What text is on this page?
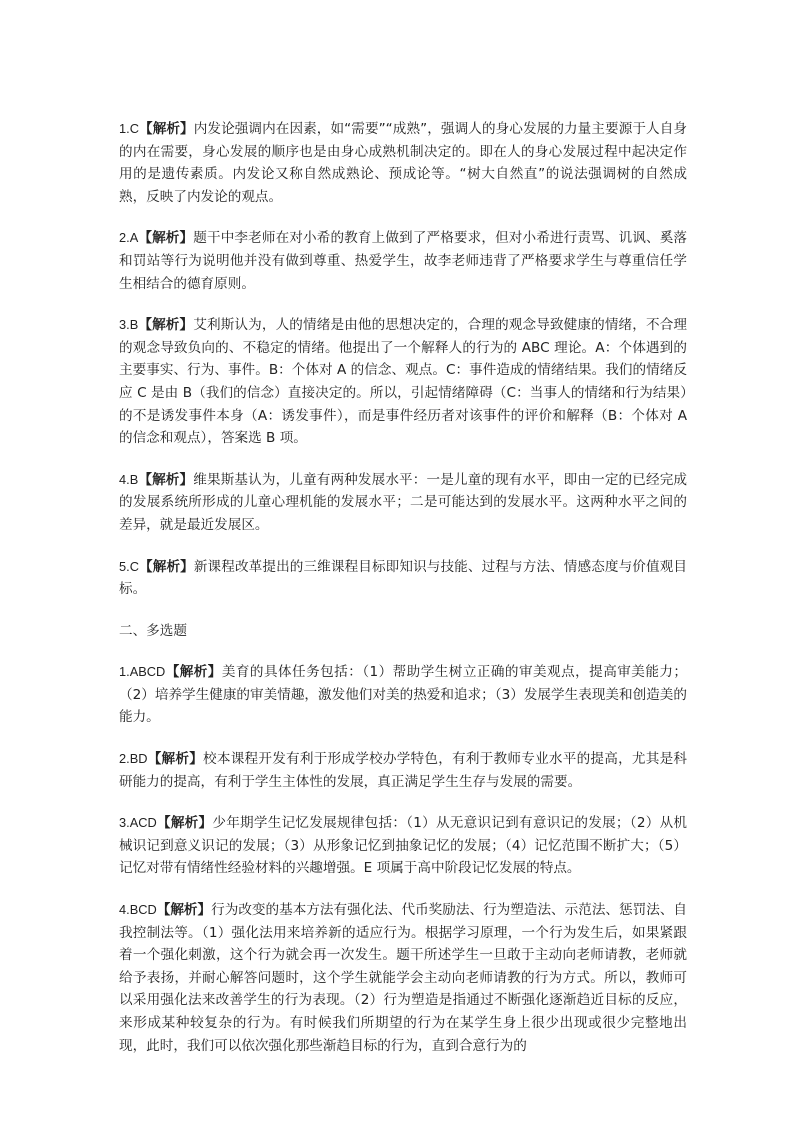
1.C【解析】内发论强调内在因素，如“需要”“成熟”，强调人的身心发展的力量主要源于人自身的内在需要，身心发展的顺序也是由身心成熟机制决定的。即在人的身心发展过程中起决定作用的是遗传素质。内发论又称自然成熟论、预成论等。“树大自然直”的说法强调树的自然成熟，反映了内发论的观点。

2.A【解析】题干中李老师在对小希的教育上做到了严格要求，但对小希进行责骂、讥讽、奚落和罚站等行为说明他并没有做到尊重、热爱学生，故李老师违背了严格要求学生与尊重信任学生相结合的德育原则。

3.B【解析】艾利斯认为，人的情绪是由他的思想决定的，合理的观念导致健康的情绪，不合理的观念导致负向的、不稳定的情绪。他提出了一个解释人的行为的 ABC 理论。A：个体遇到的主要事实、行为、事件。B：个体对 A 的信念、观点。C：事件造成的情绪结果。我们的情绪反应 C 是由 B（我们的信念）直接决定的。所以，引起情绪障碍（C：当事人的情绪和行为结果）的不是诱发事件本身（A：诱发事件），而是事件经历者对该事件的评价和解释（B：个体对 A 的信念和观点），答案选 B 项。

4.B【解析】维果斯基认为，儿童有两种发展水平：一是儿童的现有水平，即由一定的已经完成的发展系统所形成的儿童心理机能的发展水平；二是可能达到的发展水平。这两种水平之间的差异，就是最近发展区。

5.C【解析】新课程改革提出的三维课程目标即知识与技能、过程与方法、情感态度与价值观目标。

二、多选题

1.ABCD【解析】美育的具体任务包括：（1）帮助学生树立正确的审美观点，提高审美能力；（2）培养学生健康的审美情趣，激发他们对美的热爱和追求；（3）发展学生表现美和创造美的能力。

2.BD【解析】校本课程开发有利于形成学校办学特色，有利于教师专业水平的提高，尤其是科研能力的提高，有利于学生主体性的发展，真正满足学生生存与发展的需要。

3.ACD【解析】少年期学生记忆发展规律包括：（1）从无意识记到有意识记的发展；（2）从机械识记到意义识记的发展；（3）从形象记忆到抽象记忆的发展；（4）记忆范围不断扩大；（5）记忆对带有情绪性经验材料的兴趣增强。E 项属于高中阶段记忆发展的特点。

4.BCD【解析】行为改变的基本方法有强化法、代币奖励法、行为塑造法、示范法、惩罚法、自我控制法等。（1）强化法用来培养新的适应行为。根据学习原理，一个行为发生后，如果紧跟着一个强化刺激，这个行为就会再一次发生。题干所述学生一旦敢于主动向老师请教，老师就给予表扬，并耐心解答问题时，这个学生就能学会主动向老师请教的行为方式。所以，教师可以采用强化法来改善学生的行为表现。（2）行为塑造是指通过不断强化逐渐趋近目标的反应，来形成某种较复杂的行为。有时候我们所期望的行为在某学生身上很少出现或很少完整地出现，此时，我们可以依次强化那些渐趋目标的行为，直到合意行为的
